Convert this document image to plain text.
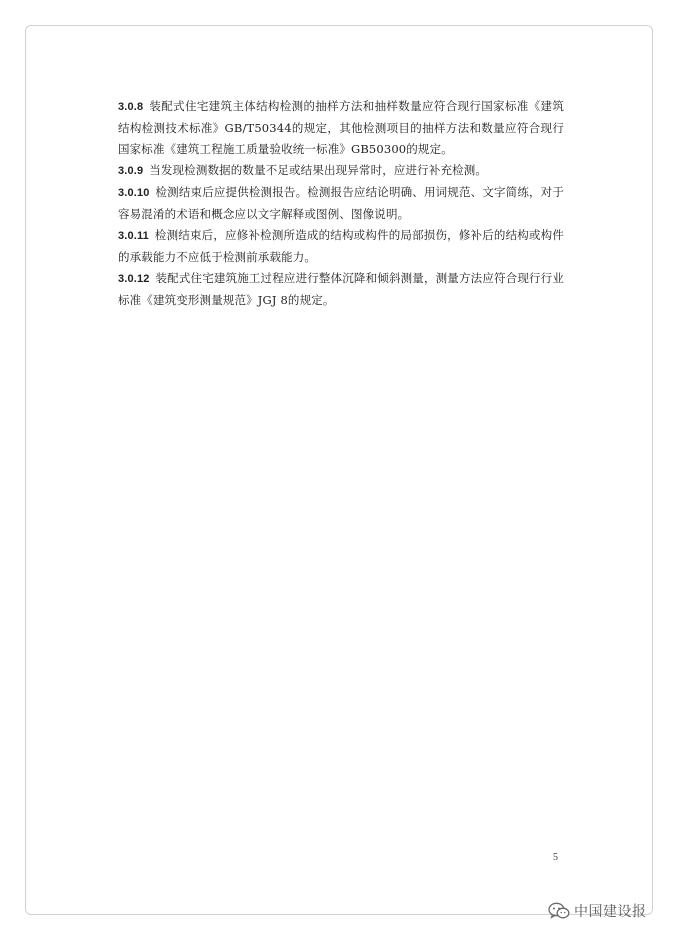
3.0.8 装配式住宅建筑主体结构检测的抽样方法和抽样数量应符合现行国家标准《建筑结构检测技术标准》GB/T50344的规定，其他检测项目的抽样方法和数量应符合现行国家标准《建筑工程施工质量验收统一标准》GB50300的规定。

3.0.9 当发现检测数据的数量不足或结果出现异常时，应进行补充检测。

3.0.10 检测结束后应提供检测报告。检测报告应结论明确、用词规范、文字简练，对于容易混淆的术语和概念应以文字解释或图例、图像说明。

3.0.11 检测结束后，应修补检测所造成的结构或构件的局部损伤，修补后的结构或构件的承载能力不应低于检测前承载能力。

3.0.12 装配式住宅建筑施工过程应进行整体沉降和倾斜测量，测量方法应符合现行行业标准《建筑变形测量规范》JGJ 8的规定。

5
中国建设报
